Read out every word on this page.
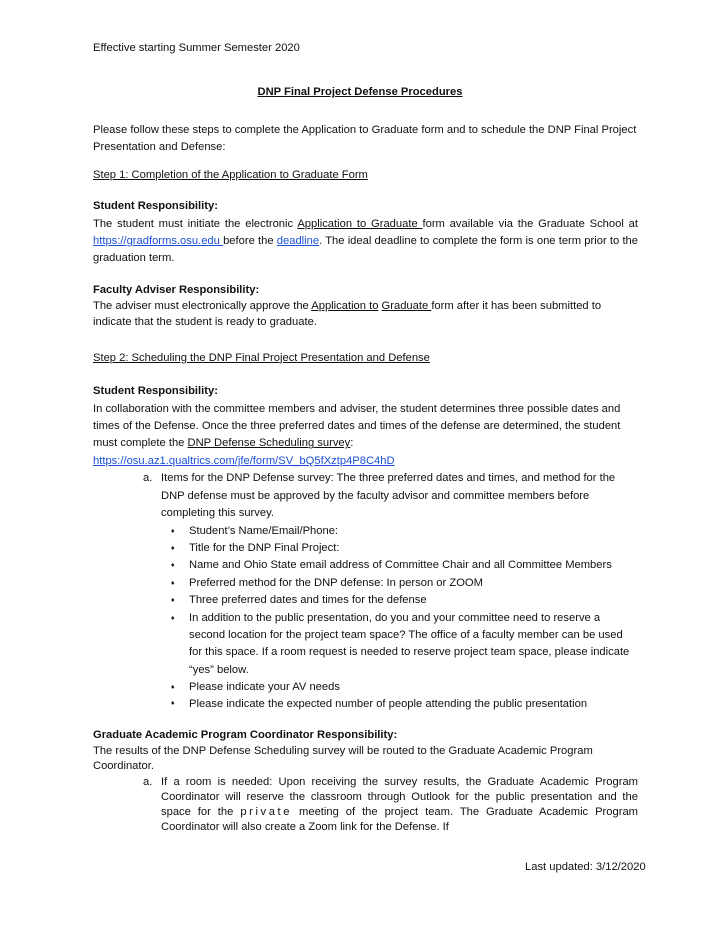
Effective starting Summer Semester 2020
DNP Final Project Defense Procedures

Please follow these steps to complete the Application to Graduate form and to schedule the DNP Final Project Presentation and Defense:

Step 1: Completion of the Application to Graduate Form

Student Responsibility:

The student must initiate the electronic Application to Graduate form available via the Graduate School at https://gradforms.osu.edu before the deadline. The ideal deadline to complete the form is one term prior to the graduation term.

Faculty Adviser Responsibility:

The adviser must electronically approve the Application to Graduate form after it has been submitted to indicate that the student is ready to graduate.

Step 2: Scheduling the DNP Final Project Presentation and Defense

Student Responsibility:

In collaboration with the committee members and adviser, the student determines three possible dates and times of the Defense. Once the three preferred dates and times of the defense are determined, the student must complete the DNP Defense Scheduling survey:
https://osu.az1.qualtrics.com/jfe/form/SV_bQ5fXztp4P8C4hD

a. Items for the DNP Defense survey: The three preferred dates and times, and method for the DNP defense must be approved by the faculty advisor and committee members before completing this survey.
♦ Student’s Name/Email/Phone:
♦ Title for the DNP Final Project:
♦ Name and Ohio State email address of Committee Chair and all Committee Members
♦ Preferred method for the DNP defense: In person or ZOOM
♦ Three preferred dates and times for the defense
♦ In addition to the public presentation, do you and your committee need to reserve a second location for the project team space? The office of a faculty member can be used for this space. If a room request is needed to reserve project team space, please indicate “yes” below.
♦ Please indicate your AV needs
♦ Please indicate the expected number of people attending the public presentation

Graduate Academic Program Coordinator Responsibility:

The results of the DNP Defense Scheduling survey will be routed to the Graduate Academic Program Coordinator.

a. If a room is needed: Upon receiving the survey results, the Graduate Academic Program Coordinator will reserve the classroom through Outlook for the public presentation and the space for the private meeting of the project team. The Graduate Academic Program Coordinator will also create a Zoom link for the Defense. If
Last updated: 3/12/2020
